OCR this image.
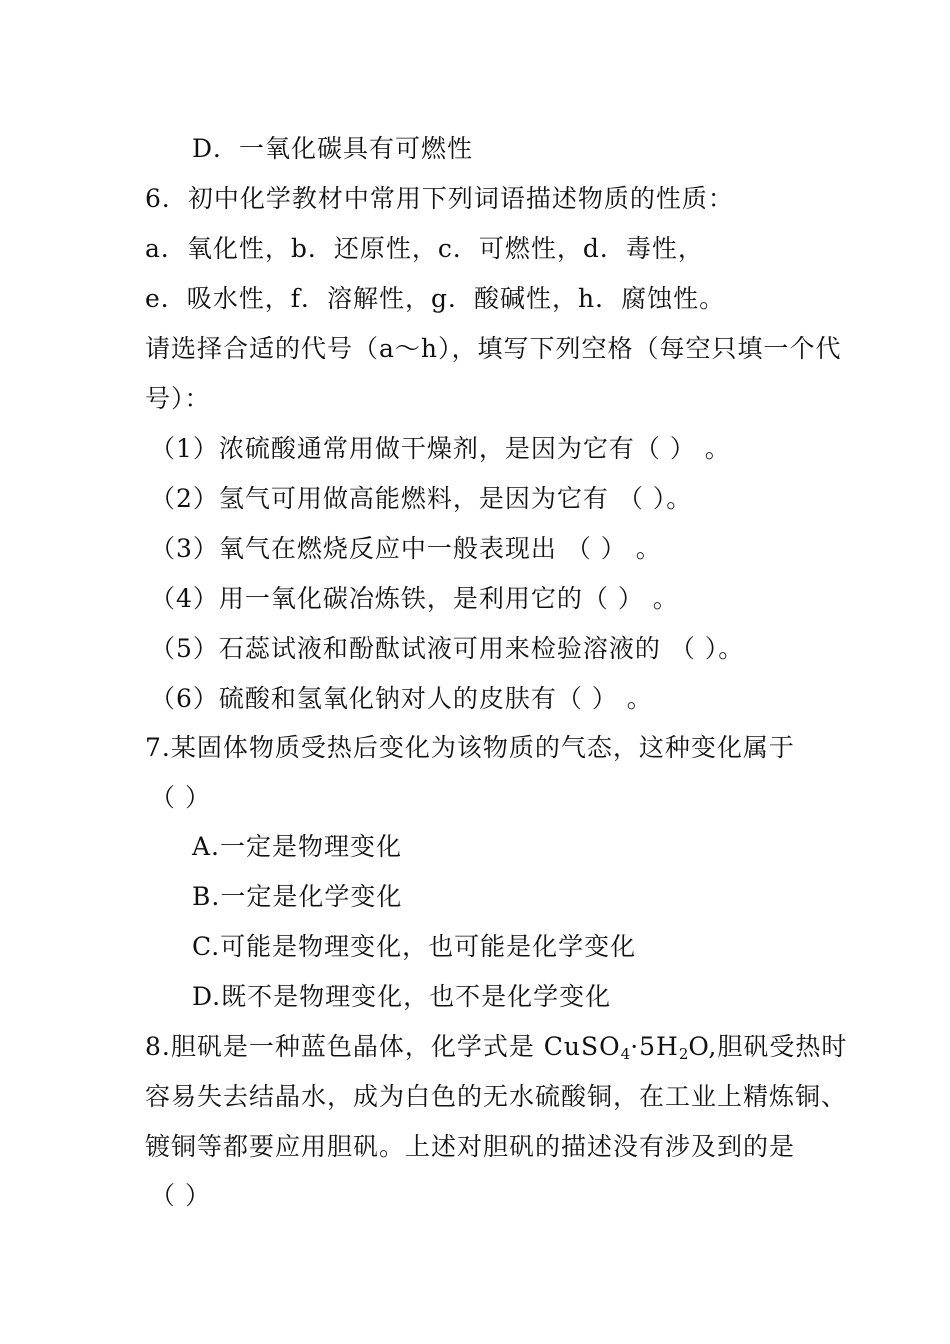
D．一氧化碳具有可燃性
6．初中化学教材中常用下列词语描述物质的性质：
a．氧化性，b．还原性，c．可燃性，d．毒性，
e．吸水性，f．溶解性，g．酸碱性，h．腐蚀性。
请选择合适的代号（a～h），填写下列空格（每空只填一个代
号）：
（1）浓硫酸通常用做干燥剂，是因为它有（ ） 。
（2）氢气可用做高能燃料，是因为它有 （ ）。
（3）氧气在燃烧反应中一般表现出 （ ） 。
（4）用一氧化碳冶炼铁，是利用它的（ ） 。
（5）石蕊试液和酚酞试液可用来检验溶液的 （ ）。
（6）硫酸和氢氧化钠对人的皮肤有（ ） 。
7.某固体物质受热后变化为该物质的气态，这种变化属于
（ ）
A.一定是物理变化
B.一定是化学变化
C.可能是物理变化，也可能是化学变化
D.既不是物理变化，也不是化学变化
8.胆矾是一种蓝色晶体，化学式是 $CuSO_4\cdot 5H_2O$,胆矾受热时
容易失去结晶水，成为白色的无水硫酸铜，在工业上精炼铜、
镀铜等都要应用胆矾。上述对胆矾的描述没有涉及到的是
（ ）
